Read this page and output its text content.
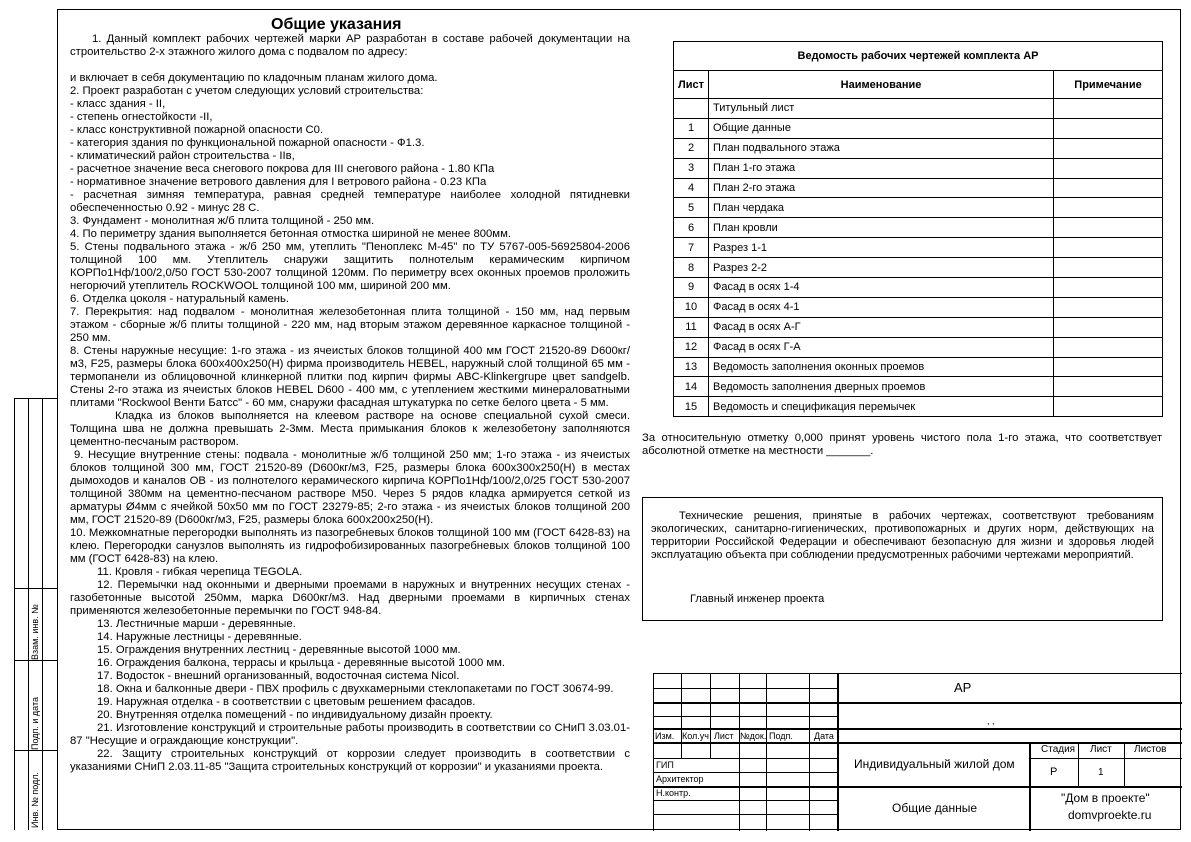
Общие указания

1. Данный комплект рабочих чертежей марки АР разработан в составе рабочей документации на строительство 2-х этажного жилого дома с подвалом по адресу:

и включает в себя документацию по кладочным планам жилого дома.

2. Проект разработан с учетом следующих условий строительства:

- класс здания - II,

- степень огнестойкости -II,

- класс конструктивной пожарной опасности С0.

- категория здания по функциональной пожарной опасности - Ф1.3.

- климатический район строительства - IIв,

- расчетное значение веса снегового покрова для III снегового района - 1.80 КПа

- нормативное значение ветрового давления для I ветрового района - 0.23 КПа

- расчетная зимняя температура, равная средней температуре наиболее холодной пятидневки обеспеченностью 0.92 - минус 28 С.

3. Фундамент - монолитная ж/б плита толщиной - 250 мм.

4. По периметру здания выполняется бетонная отмостка шириной не менее 800мм.

5. Стены подвального этажа - ж/б 250 мм, утеплить "Пеноплекс М-45" по ТУ 5767-005-56925804-2006 толщиной 100 мм. Утеплитель снаружи защитить полнотелым керамическим кирпичом КОРПо1Нф/100/2,0/50 ГОСТ 530-2007 толщиной 120мм. По периметру всех оконных проемов проложить негорючий утеплитель ROCKWOOL толщиной 100 мм, шириной 200 мм.

6. Отделка цоколя - натуральный камень.

7. Перекрытия: над подвалом - монолитная железобетонная плита толщиной - 150 мм, над первым этажом - сборные ж/б плиты толщиной - 220 мм, над вторым этажом деревянное каркасное толщиной - 250 мм.

8. Стены наружные несущие: 1-го этажа - из ячеистых блоков толщиной 400 мм ГОСТ 21520-89 D600кг/м3, F25, размеры блока 600х400х250(Н) фирма производитель HEBEL, наружный слой толщиной 65 мм - термопанели из облицовочной клинкерной плитки под кирпич фирмы ABC-Klinkergrupe цвет sandgelb. Стены 2-го этажа из ячеистых блоков HEBEL D600 - 400 мм, с утеплением жесткими минераловатными плитами "Rockwool Венти Батсс" - 60 мм, снаружи фасадная штукатурка по сетке белого цвета - 5 мм.

Кладка из блоков выполняется на клеевом растворе на основе специальной сухой смеси. Толщина шва не должна превышать 2-3мм. Места примыкания блоков к железобетону заполняются цементно-песчаным раствором.

9. Несущие внутренние стены: подвала - монолитные ж/б толщиной 250 мм; 1-го этажа - из ячеистых блоков толщиной 300 мм, ГОСТ 21520-89 (D600кг/м3, F25, размеры блока 600х300х250(Н) в местах дымоходов и каналов ОВ - из полнотелого керамического кирпича КОРПо1Нф/100/2,0/25 ГОСТ 530-2007 толщиной 380мм на цементно-песчаном растворе М50. Через 5 рядов кладка армируется сеткой из арматуры Ø4мм с ячейкой 50х50 мм по ГОСТ 23279-85; 2-го этажа - из ячеистых блоков толщиной 200 мм, ГОСТ 21520-89 (D600кг/м3, F25, размеры блока 600х200х250(Н).

10. Межкомнатные перегородки выполнять из пазогребневых блоков толщиной 100 мм (ГОСТ 6428-83) на клею. Перегородки санузлов выполнять из гидрофобизированных пазогребневых блоков толщиной 100 мм (ГОСТ 6428-83) на клею.

11. Кровля - гибкая черепица TEGOLA.

12. Перемычки над оконными и дверными проемами в наружных и внутренних несущих стенах - газобетонные высотой 250мм, марка D600кг/м3. Над дверными проемами в кирпичных стенах применяются железобетонные перемычки по ГОСТ 948-84.

13. Лестничные марши - деревянные.

14. Наружные лестницы - деревянные.

15. Ограждения внутренних лестниц - деревянные высотой 1000 мм.

16. Ограждения балкона, террасы и крыльца - деревянные высотой 1000 мм.

17. Водосток - внешний организованный, водосточная система Nicol.

18. Окна и балконные двери - ПВХ профиль с двухкамерными стеклопакетами по ГОСТ 30674-99.

19. Наружная отделка - в соответствии с цветовым решением фасадов.

20. Внутренняя отделка помещений - по индивидуальному дизайн проекту.

21. Изготовление конструкций и строительные работы производить в соответствии со СНиП 3.03.01-87 "Несущие и ограждающие конструкции".

22. Защиту строительных конструкций от коррозии следует производить в соответствии с указаниями СНиП 2.03.11-85 "Защита строительных конструкций от коррозии" и указаниями проекта.

Взам. инв. №
Подп. и дата
Инв. № подл.
Ведомость рабочих чертежей комплекта АР		
Лист	Наименование	Примечание
	Титульный лист	
1	Общие данные	
2	План подвального этажа	
3	План 1-го этажа	
4	План 2-го этажа	
5	План чердака	
6	План кровли	
7	Разрез 1-1	
8	Разрез 2-2	
9	Фасад в осях 1-4	
10	Фасад в осях 4-1	
11	Фасад в осях А-Г	
12	Фасад в осях Г-А	
13	Ведомость заполнения оконных проемов	
14	Ведомость заполнения дверных проемов	
15	Ведомость и спецификация перемычек	
За относительную отметку 0,000 принят уровень чистого пола 1-го этажа, что соответствует абсолютной отметке на местности _______.
Технические решения, принятые в рабочих чертежах, соответствуют требованиям экологических, санитарно-гигиенических, противопожарных и других норм, действующих на территории Российской Федерации и обеспечивают безопасную для жизни и здоровья людей эксплуатацию объекта при соблюдении предусмотренных рабочими чертежами мероприятий.
Главный инженер проекта
АР
, ,
Изм. Кол.уч Лист №док. Подп. Дата
ГИП
Архитектор
Н.контр.
Индивидуальный жилой дом
Стадия Лист Листов
Р	1
Общие данные
"Дом в проекте"
domvproekte.ru
